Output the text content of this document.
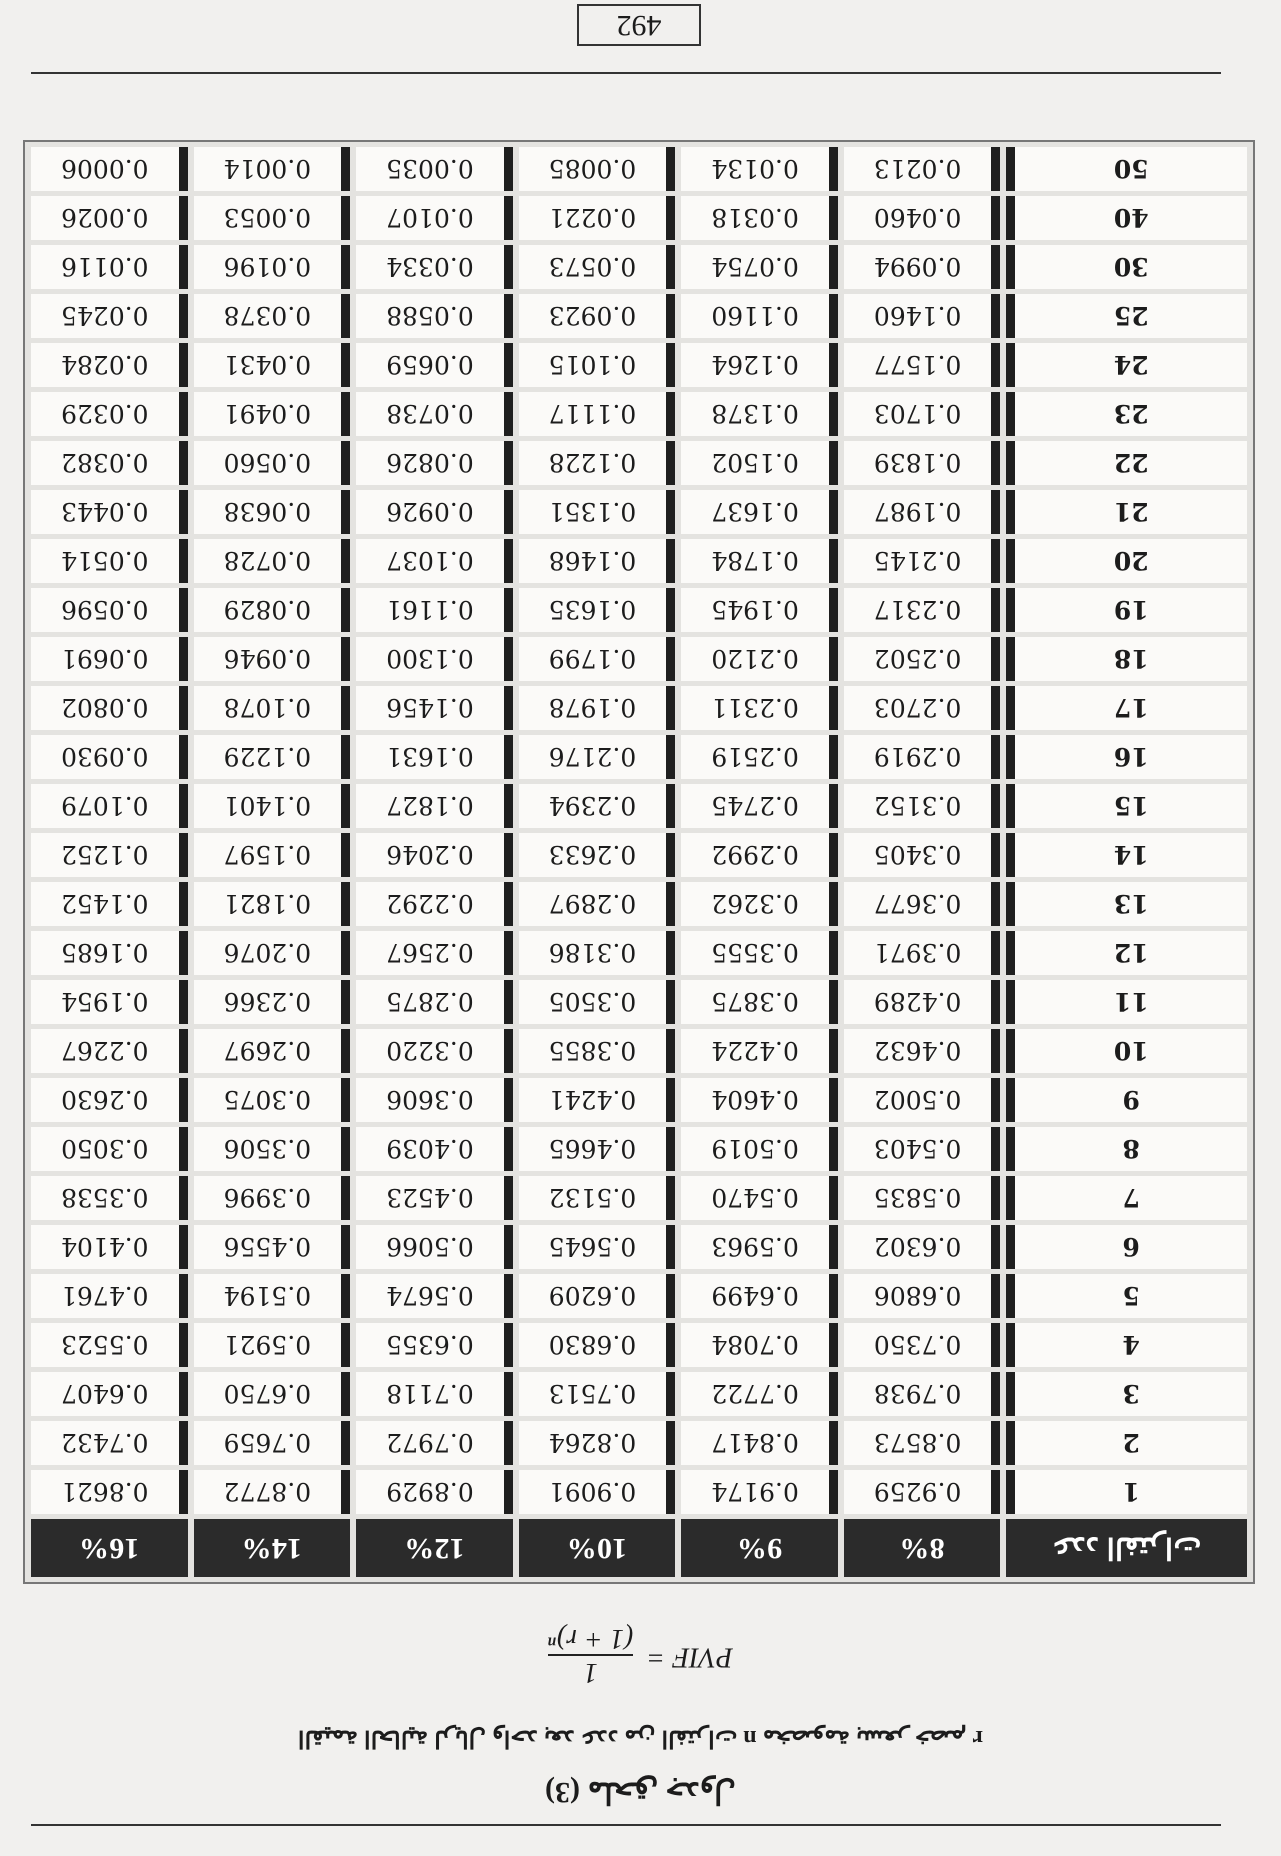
(3) ملحق جدول
القيمة الحالية لريال واحد بعد عدد من الفترات n مخصومة بسعر خصم r
PVIF =
1
(1 + r)ⁿ
عدد الفترات	8%	9%	10%	12%	14%	16%
1	0.9259	0.9174	0.9091	0.8929	0.8772	0.8621
2	0.8573	0.8417	0.8264	0.7972	0.7659	0.7432
3	0.7938	0.7722	0.7513	0.7118	0.6750	0.6407
4	0.7350	0.7084	0.6830	0.6355	0.5921	0.5523
5	0.6806	0.6499	0.6209	0.5674	0.5194	0.4761
6	0.6302	0.5963	0.5645	0.5066	0.4556	0.4104
7	0.5835	0.5470	0.5132	0.4523	0.3996	0.3538
8	0.5403	0.5019	0.4665	0.4039	0.3506	0.3050
9	0.5002	0.4604	0.4241	0.3606	0.3075	0.2630
10	0.4632	0.4224	0.3855	0.3220	0.2697	0.2267
11	0.4289	0.3875	0.3505	0.2875	0.2366	0.1954
12	0.3971	0.3555	0.3186	0.2567	0.2076	0.1685
13	0.3677	0.3262	0.2897	0.2292	0.1821	0.1452
14	0.3405	0.2992	0.2633	0.2046	0.1597	0.1252
15	0.3152	0.2745	0.2394	0.1827	0.1401	0.1079
16	0.2919	0.2519	0.2176	0.1631	0.1229	0.0930
17	0.2703	0.2311	0.1978	0.1456	0.1078	0.0802
18	0.2502	0.2120	0.1799	0.1300	0.0946	0.0691
19	0.2317	0.1945	0.1635	0.1161	0.0829	0.0596
20	0.2145	0.1784	0.1468	0.1037	0.0728	0.0514
21	0.1987	0.1637	0.1351	0.0926	0.0638	0.0443
22	0.1839	0.1502	0.1228	0.0826	0.0560	0.0382
23	0.1703	0.1378	0.1117	0.0738	0.0491	0.0329
24	0.1577	0.1264	0.1015	0.0659	0.0431	0.0284
25	0.1460	0.1160	0.0923	0.0588	0.0378	0.0245
30	0.0994	0.0754	0.0573	0.0334	0.0196	0.0116
40	0.0460	0.0318	0.0221	0.0107	0.0053	0.0026
50	0.0213	0.0134	0.0085	0.0035	0.0014	0.0006
492
